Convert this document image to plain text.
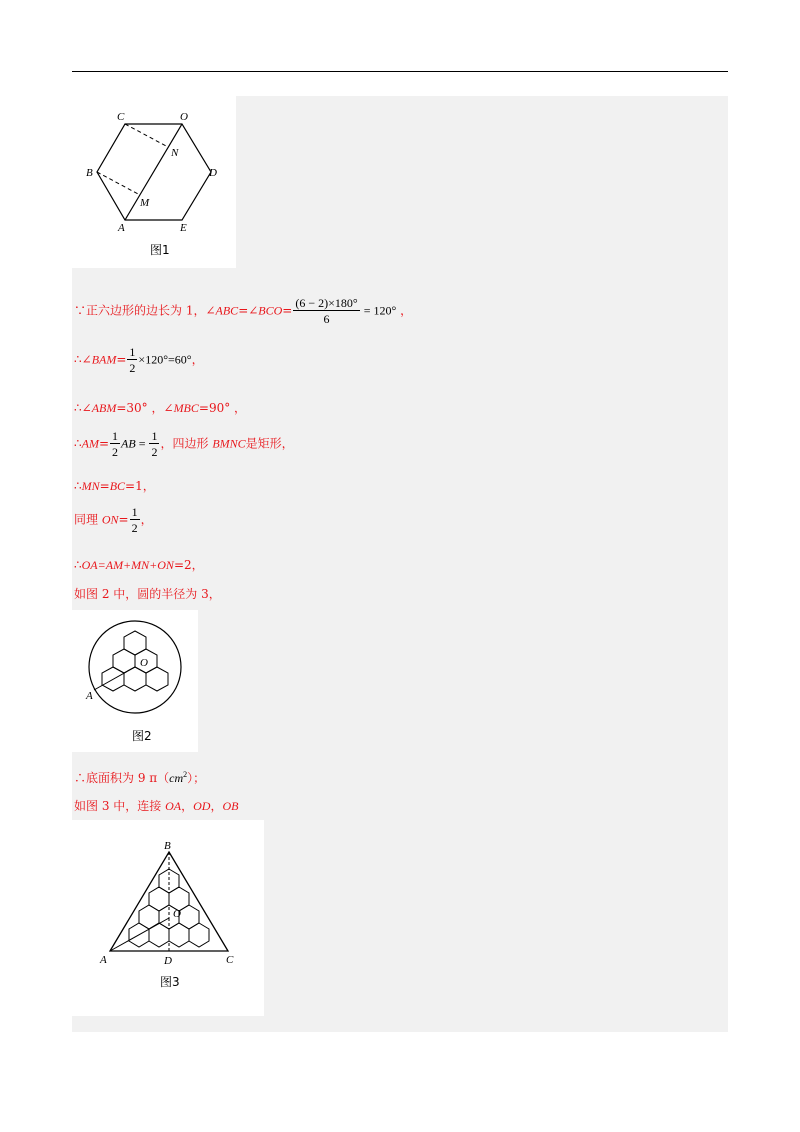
C	O
N
B	D
M
A	E
图1
∵正六边形的边长为 1，∠ABC=∠BCO= $\frac{(6 - 2)\times 180^\circ}{6} = 120^\circ$ ，
∴∠BAM= $\frac{1}{2} \times 120^\circ=60^\circ$，
∴∠ABM=30° ，∠MBC=90° ，
∴AM= $\frac{1}{2}$ AB = $\frac{1}{2}$ ，四边形 BMNC是矩形，
∴MN=BC=1，
同理 $ON= \frac{1}{2}$ ，
∴OA=AM+MN+ON=2，
如图 2 中，圆的半径为 3，
O
A
图2
∴底面积为 9 $\pi(cm^2)$；
如图 3 中，连接 OA，OD，OB
B
O
A	D	C
图3
